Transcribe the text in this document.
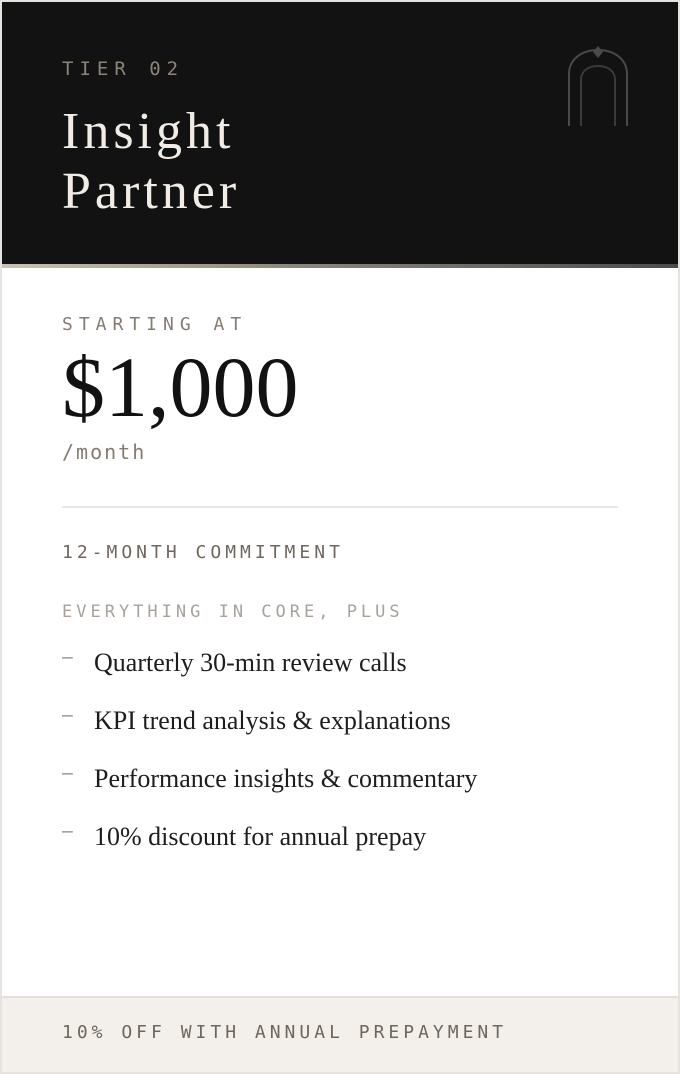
TIER 02
Insight
Partner
STARTING AT
$1,000
/month
12-MONTH COMMITMENT
EVERYTHING IN CORE, PLUS
– Quarterly 30-min review calls
– KPI trend analysis & explanations
– Performance insights & commentary
– 10% discount for annual prepay
10% OFF WITH ANNUAL PREPAYMENT
